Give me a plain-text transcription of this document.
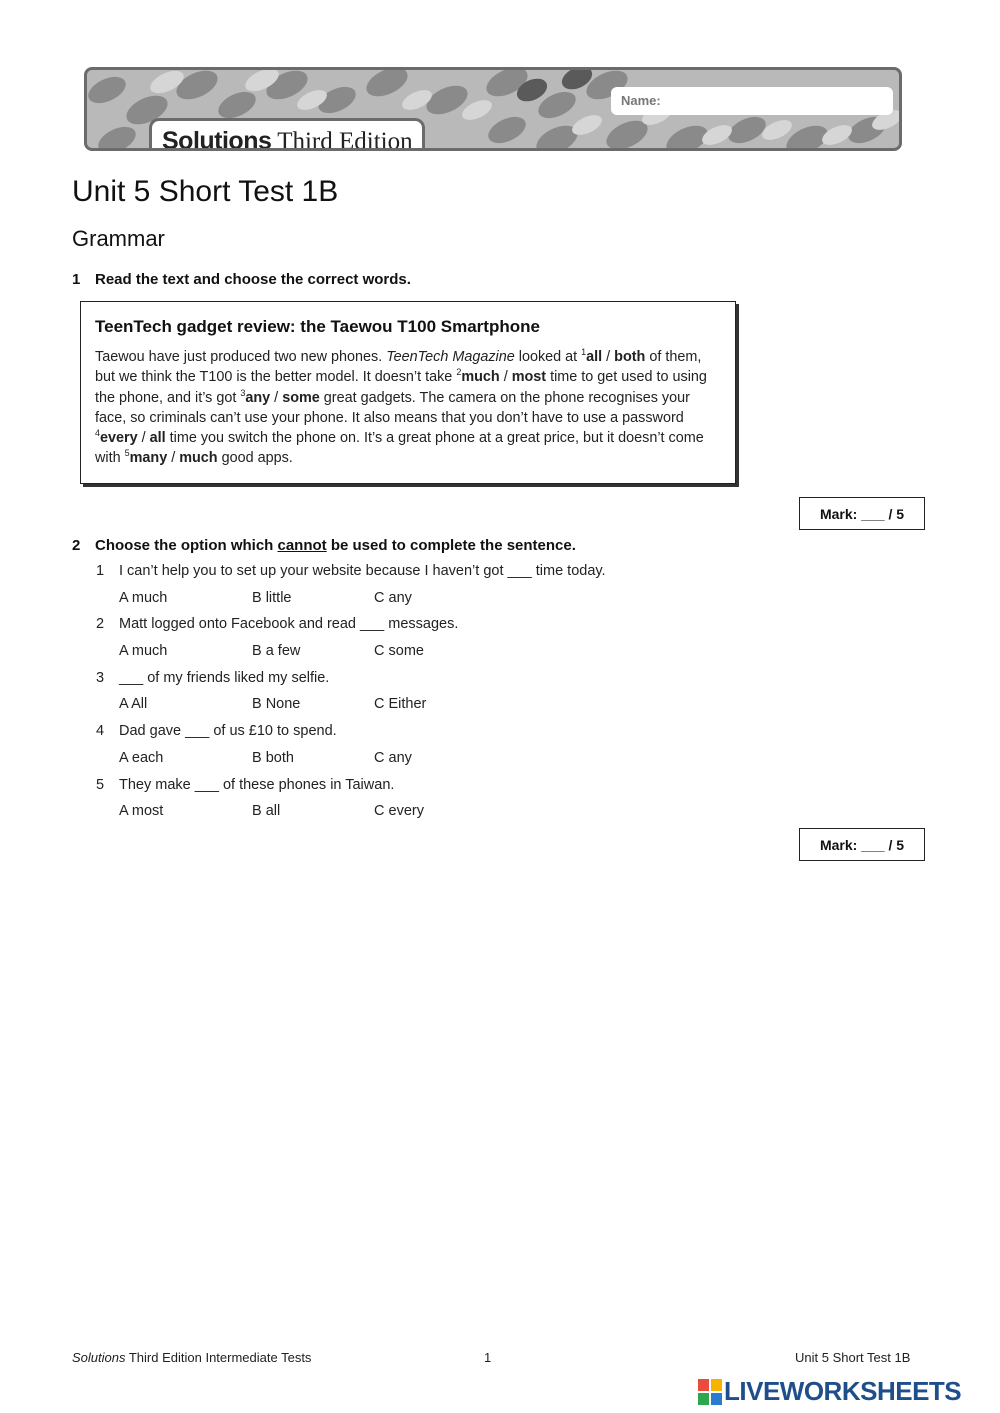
Name:
Solutions Third Edition
Unit 5 Short Test 1B
Grammar
1 Read the text and choose the correct words.
TeenTech gadget review: the Taewou T100 Smartphone

Taewou have just produced two new phones. TeenTech Magazine looked at $^1$all / both of them, but we think the T100 is the better model. It doesn’t take $^2$much / most time to get used to using the phone, and it’s got $^3$any / some great gadgets. The camera on the phone recognises your face, so criminals can’t use your phone. It also means that you don’t have to use a password $^4$every / all time you switch the phone on. It’s a great phone at a great price, but it doesn’t come with $^5$many / much good apps.

Mark: ___ / 5
2 Choose the option which cannot be used to complete the sentence.
1 I can’t help you to set up your website because I haven’t got ___ time today.
A much	B little	C any
2 Matt logged onto Facebook and read ___ messages.
A much	B a few	C some
3 ___ of my friends liked my selfie.
A All	B None	C Either
4 Dad gave ___ of us £10 to spend.
A each	B both	C any
5 They make ___ of these phones in Taiwan.
A most	B all	C every
Mark: ___ / 5
Solutions Third Edition Intermediate Tests	1	Unit 5 Short Test 1B
LIVEWORKSHEETS
